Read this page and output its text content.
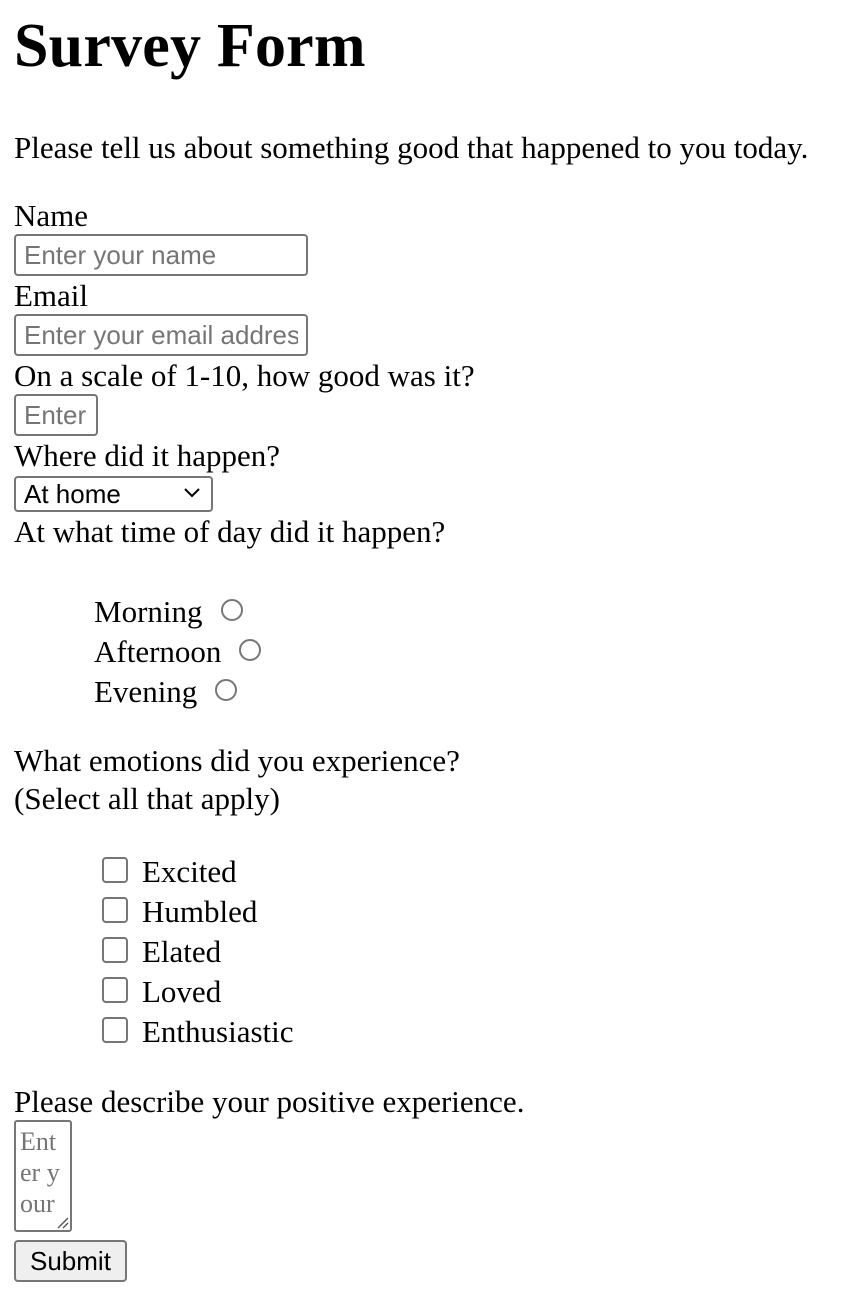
Survey Form

Please tell us about something good that happened to you today.

Name
Enter your name
Email
Enter your email address
On a scale of 1-10, how good was it?
Enter
Where did it happen?
At home
At what time of day did it happen?
Morning
Afternoon
Evening
What emotions did you experience?
(Select all that apply)
Excited
Humbled
Elated
Loved
Enthusiastic
Please describe your positive experience.
Enter your
Submit
